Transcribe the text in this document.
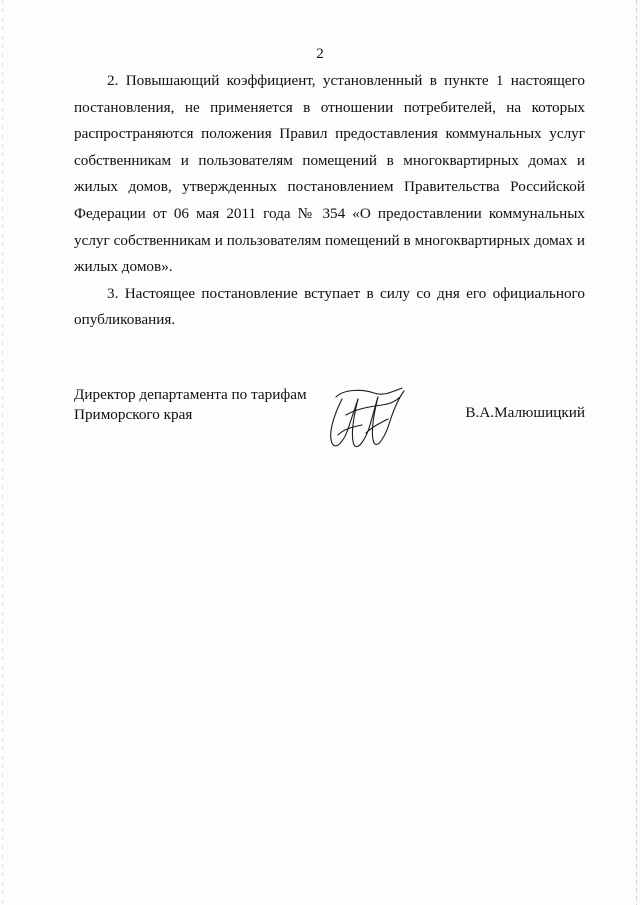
2

2. Повышающий коэффициент, установленный в пункте 1 настоящего постановления, не применяется в отношении потребителей, на которых распространяются положения Правил предоставления коммунальных услуг собственникам и пользователям помещений в многоквартирных домах и жилых домов, утвержденных постановлением Правительства Российской Федерации от 06 мая 2011 года № 354 «О предоставлении коммунальных услуг собственникам и пользователям помещений в многоквартирных домах и жилых домов».

3. Настоящее постановление вступает в силу со дня его официального опубликования.

Директор департамента по тарифам
Приморского края	В.А.Малюшицкий
